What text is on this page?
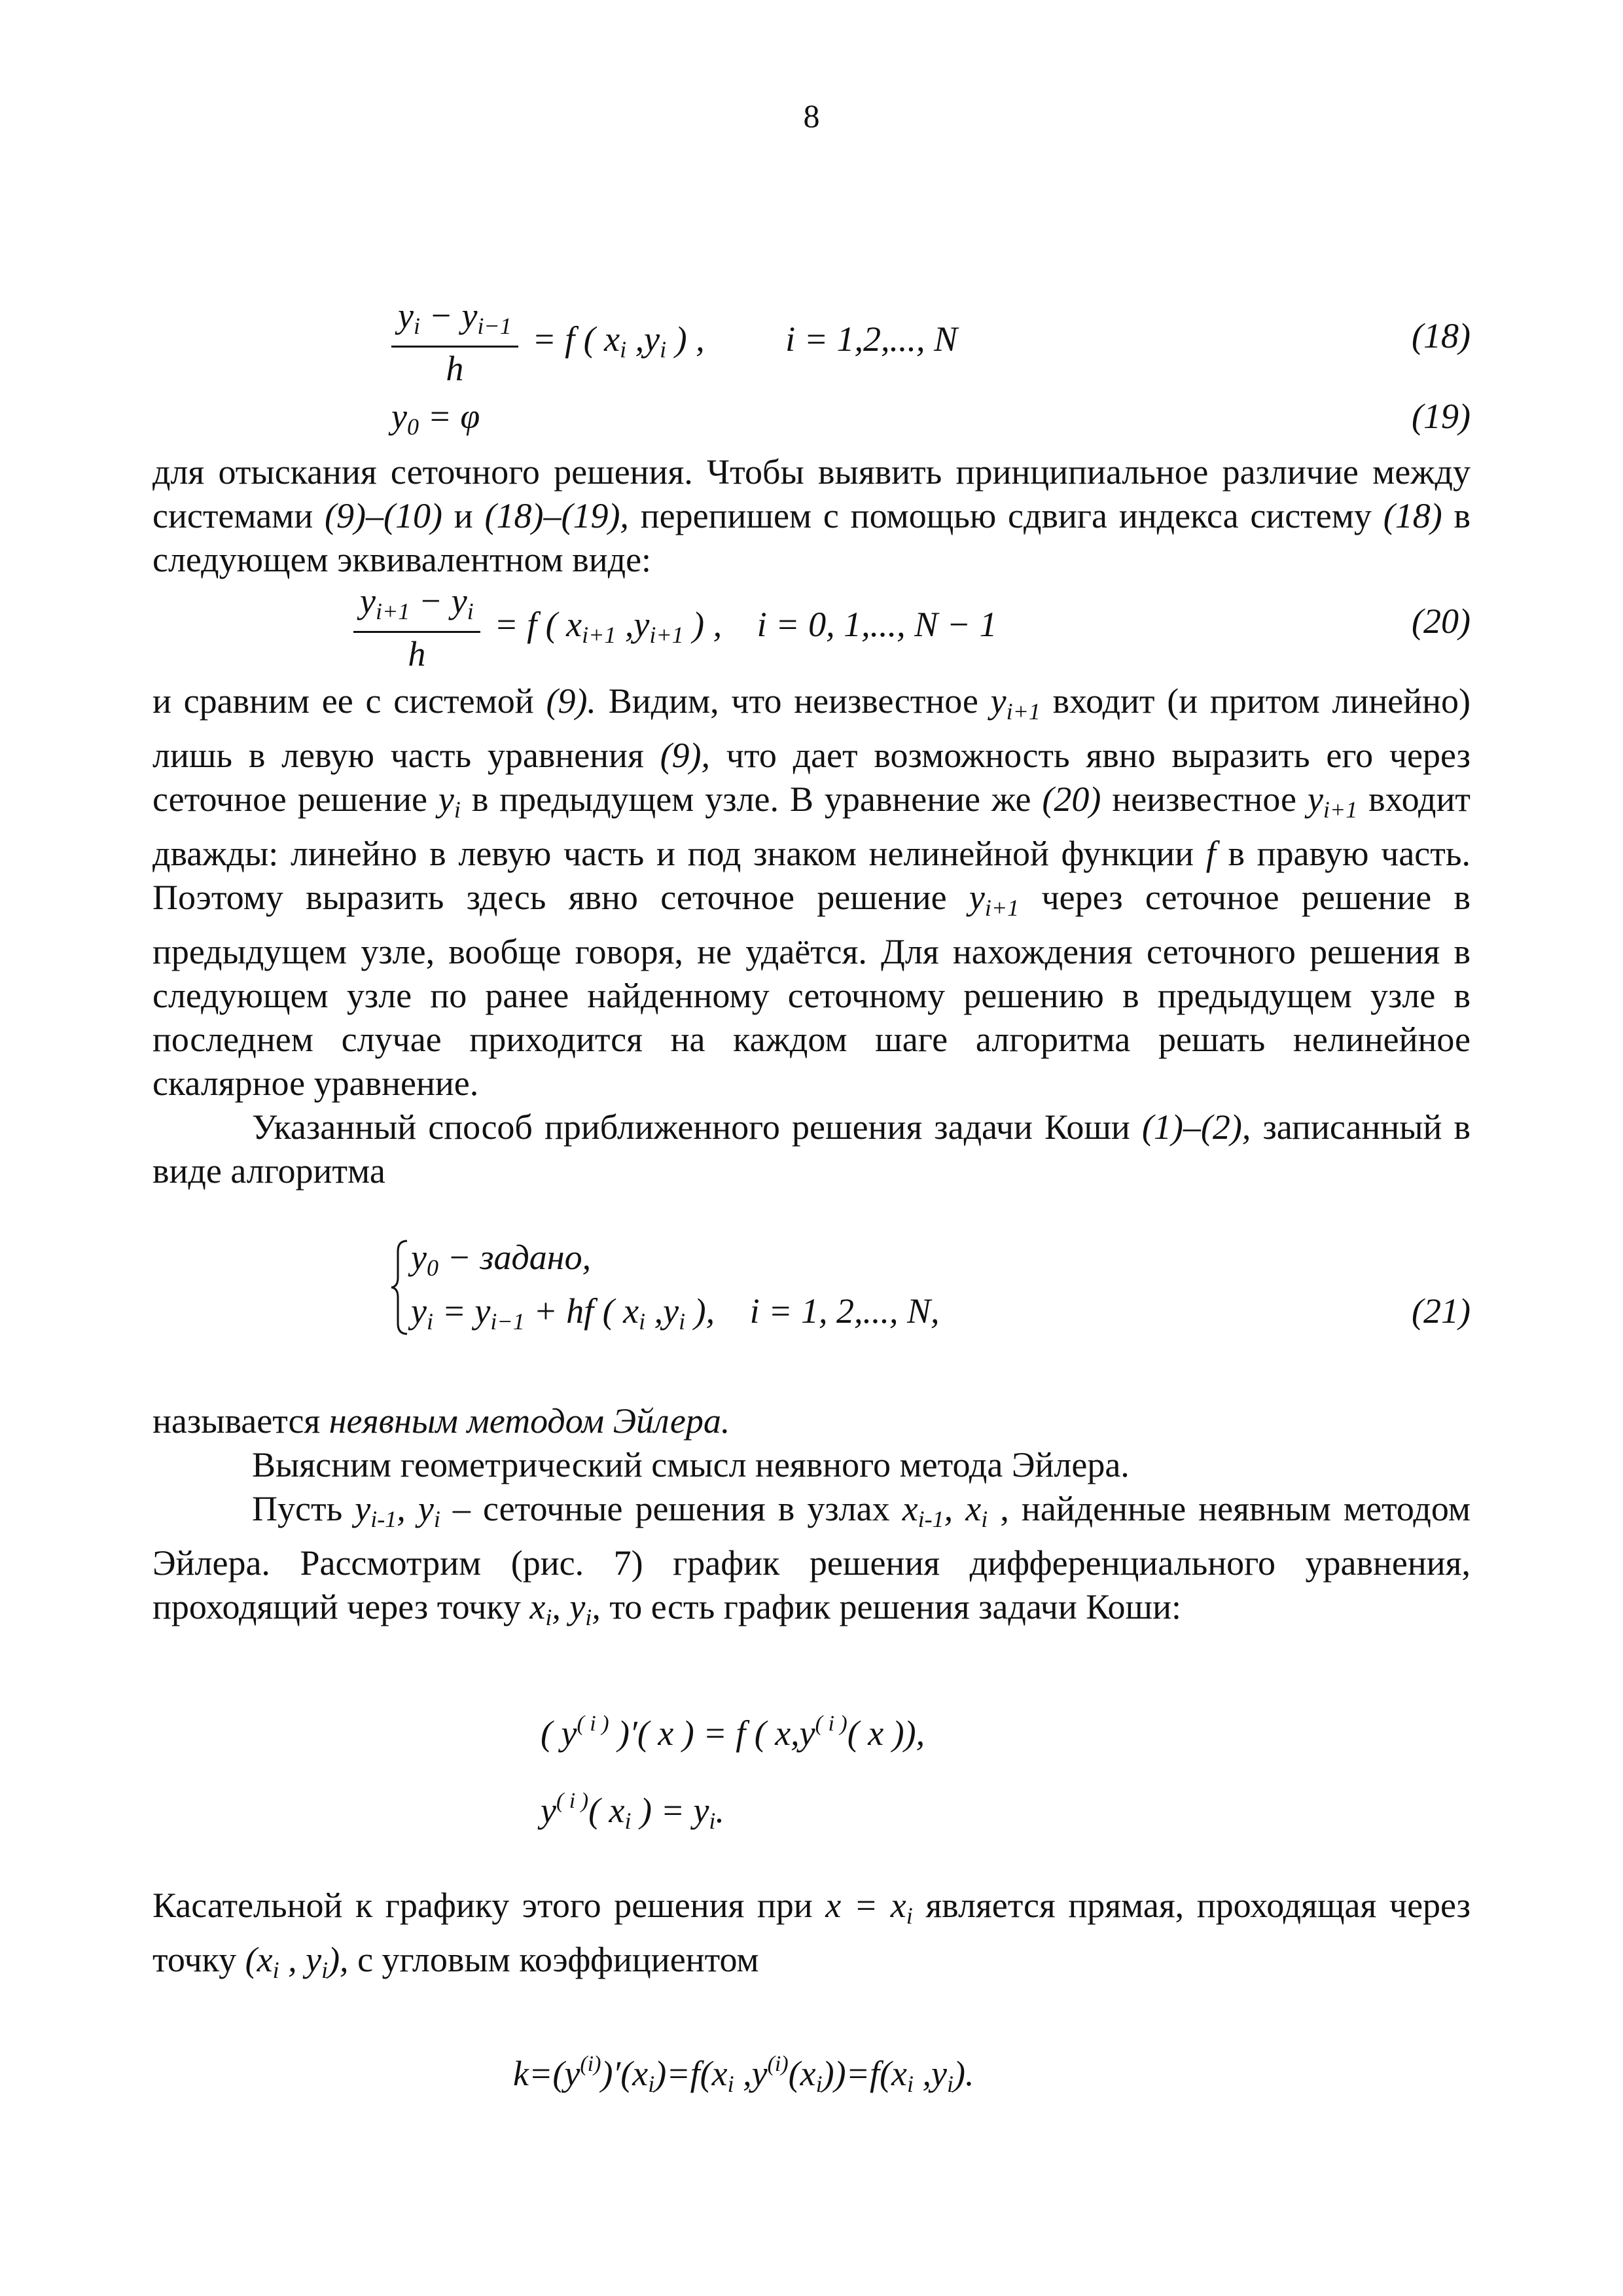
8
$\frac{y_i - y_{i-1}}{h} = f$ ( $x_i$ $,y_i$ ) , i = 1,2,..., N	(18)
$y_0 = \varphi$	(19)

для отыскания сеточного решения. Чтобы выявить принципиальное различие между системами (9)–(10) и (18)–(19), перепишем с помощью сдвига индекса систему (18) в следующем эквивалентном виде:

$\frac{y_{i+1} - y_i}{h} = f$ ( $x_{i+1}$ $,y_{i+1}$ ) , i = 0, 1,..., N − 1	(20)

и сравним ее с системой (9). Видим, что неизвестное $y_{i+1}$ входит (и притом линейно) лишь в левую часть уравнения (9), что дает возможность явно выразить его через сеточное решение $y_i$ в предыдущем узле. В уравнение же (20) неизвестное $y_{i+1}$ входит дважды: линейно в левую часть и под знаком нелинейной функции f в правую часть. Поэтому выразить здесь явно сеточное решение $y_{i+1}$ через сеточное решение в предыдущем узле, вообще говоря, не удаётся. Для нахождения сеточного решения в следующем узле по ранее найденному сеточному решению в предыдущем узле в последнем случае приходится на каждом шаге алгоритма решать нелинейное скалярное уравнение.

Указанный способ приближенного решения задачи Коши (1)–(2), записанный в виде алгоритма

$y_0$ − задано,
$y_i = y_{i-1}$ + hf ( $x_i$ $,y_i$ ), i = 1, 2,..., N,	(21)

называется неявным методом Эйлера.

Выясним геометрический смысл неявного метода Эйлера.

Пусть $y_{i-1}$, $y_i$ – сеточные решения в узлах $x_{i-1}$, $x_i$ , найденные неявным методом Эйлера. Рассмотрим (рис. 7) график решения дифференциального уравнения, проходящий через точку $x_i$, $y_i$, то есть график решения задачи Коши:

( $y^{( i )}$ )′( x ) = f ( $x,y^{( i )}$( x )),
$y^{( i )}$( $x_i$ ) = $y_i$.

Касательной к графику этого решения при $x = x_i$ является прямая, проходящая через точку ($x_i$ , $y_i$), с угловым коэффициентом

$k=(y^{(i)})'(x_i)=f(x_i$ $,y^{(i)}(x_i))=f(x_i$ $,y_i$).
